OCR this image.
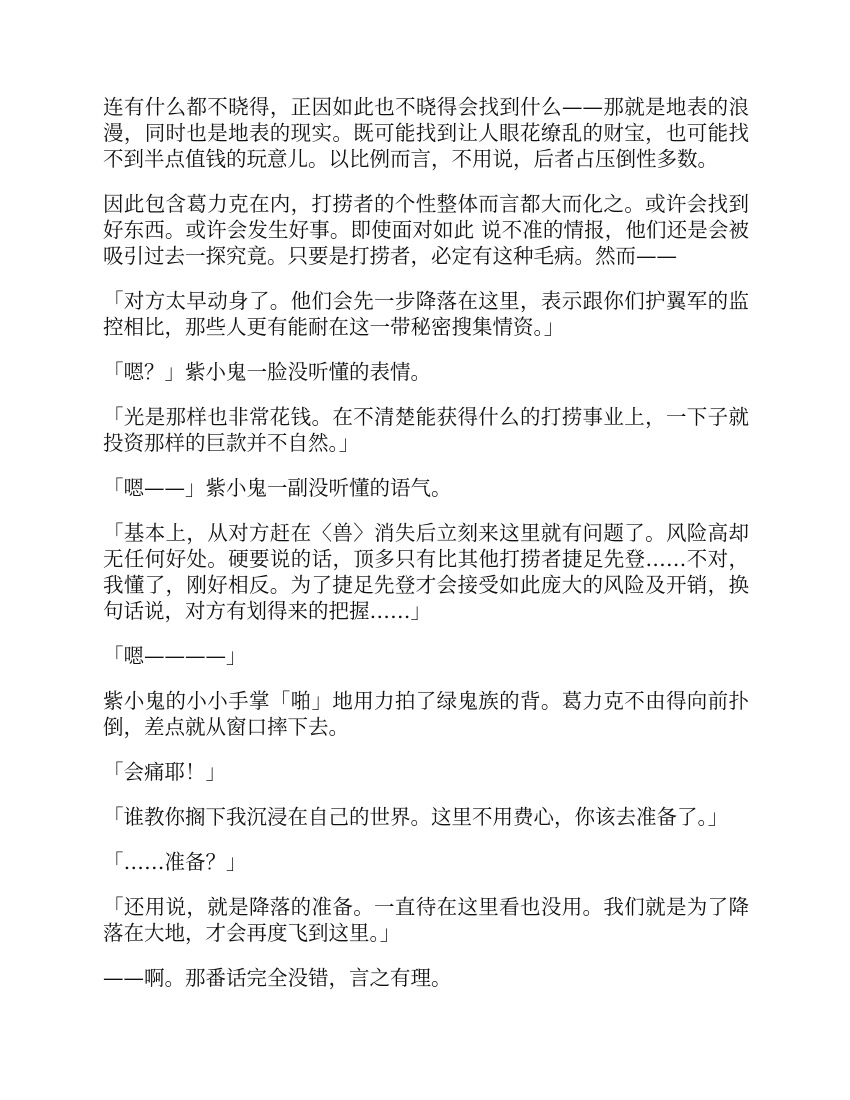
连有什么都不晓得，正因如此也不晓得会找到什么——那就是地表的浪漫，同时也是地表的现实。既可能找到让人眼花缭乱的财宝，也可能找不到半点值钱的玩意儿。以比例而言，不用说，后者占压倒性多数。

因此包含葛力克在内，打捞者的个性整体而言都大而化之。或许会找到好东西。或许会发生好事。即使面对如此 说不准的情报，他们还是会被吸引过去一探究竟。只要是打捞者，必定有这种毛病。然而——

「对方太早动身了。他们会先一步降落在这里，表示跟你们护翼军的监控相比，那些人更有能耐在这一带秘密搜集情资。」

「嗯？」紫小鬼一脸没听懂的表情。

「光是那样也非常花钱。在不清楚能获得什么的打捞事业上，一下子就投资那样的巨款并不自然。」

「嗯——」紫小鬼一副没听懂的语气。

「基本上，从对方赶在〈兽〉消失后立刻来这里就有问题了。风险高却无任何好处。硬要说的话，顶多只有比其他打捞者捷足先登……不对，我懂了，刚好相反。为了捷足先登才会接受如此庞大的风险及开销，换句话说，对方有划得来的把握……」

「嗯————」

紫小鬼的小小手掌「啪」地用力拍了绿鬼族的背。葛力克不由得向前扑倒，差点就从窗口摔下去。

「会痛耶！」

「谁教你搁下我沉浸在自己的世界。这里不用费心，你该去准备了。」

「……准备？」

「还用说，就是降落的准备。一直待在这里看也没用。我们就是为了降落在大地，才会再度飞到这里。」

——啊。那番话完全没错，言之有理。
